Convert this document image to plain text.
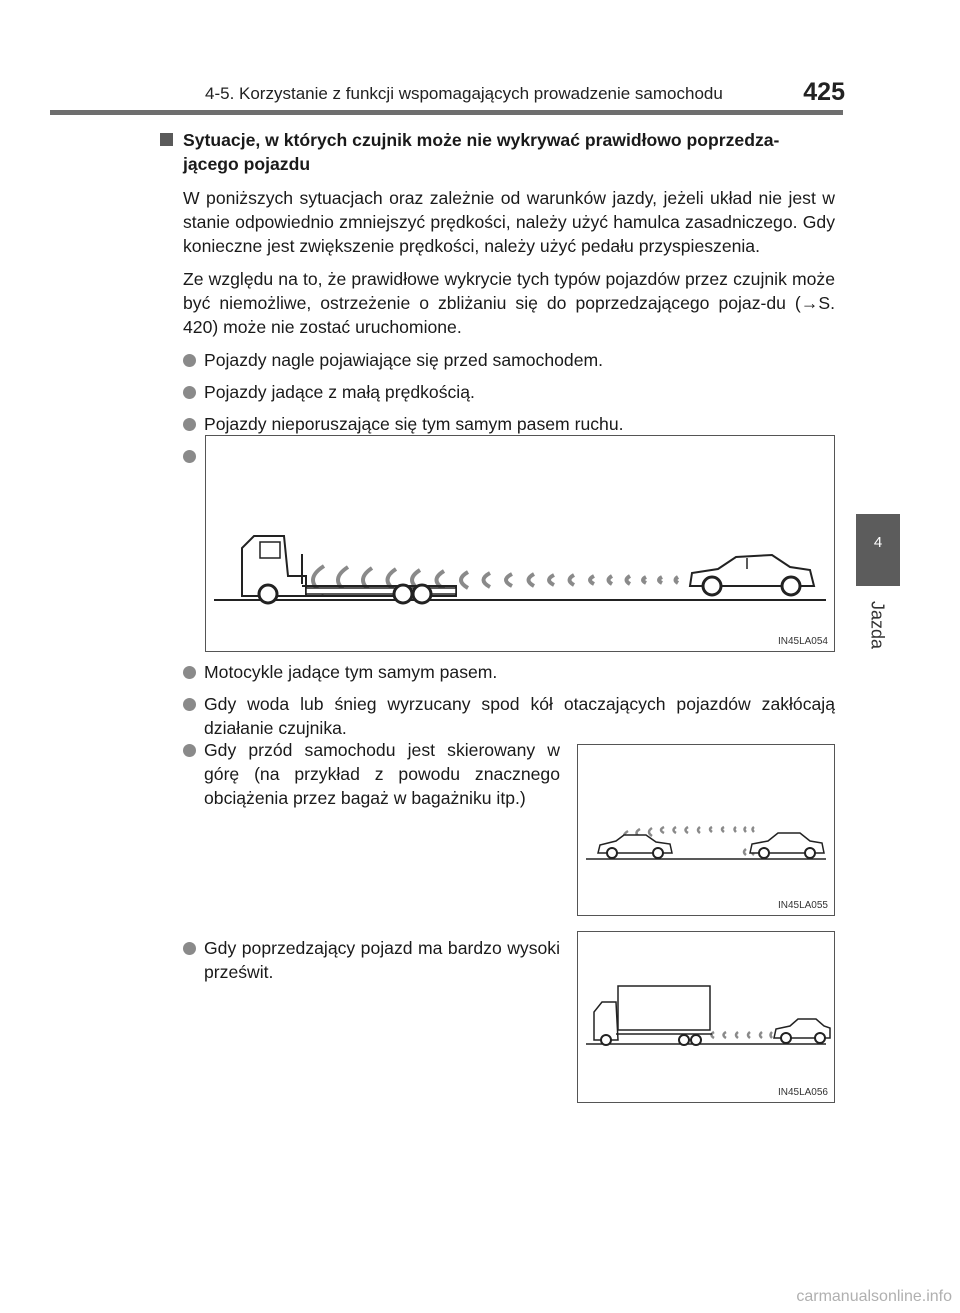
4-5. Korzystanie z funkcji wspomagających prowadzenie samochodu	425
4
Jazda
Sytuacje, w których czujnik może nie wykrywać prawidłowo poprzedza-jącego pojazdu

W poniższych sytuacjach oraz zależnie od warunków jazdy, jeżeli układ nie jest w stanie odpowiednio zmniejszyć prędkości, należy użyć hamulca zasadniczego. Gdy konieczne jest zwiększenie prędkości, należy użyć pedału przyspieszenia.

Ze względu na to, że prawidłowe wykrycie tych typów pojazdów przez czujnik może być niemożliwe, ostrzeżenie o zbliżaniu się do poprzedzającego pojaz-du (→S. 420) może nie zostać uruchomione.

Pojazdy nagle pojawiające się przed samochodem.
Pojazdy jadące z małą prędkością.
Pojazdy nieporuszające się tym samym pasem ruchu.
IN45LA054
Motocykle jadące tym samym pasem.
Gdy woda lub śnieg wyrzucany spod kół otaczających pojazdów zakłócają działanie czujnika.
Gdy przód samochodu jest skierowany w górę (na przykład z powodu znacznego obciążenia przez bagaż w bagażniku itp.)
IN45LA055
Gdy poprzedzający pojazd ma bardzo wysoki prześwit.
IN45LA056
carmanualsonline.info
